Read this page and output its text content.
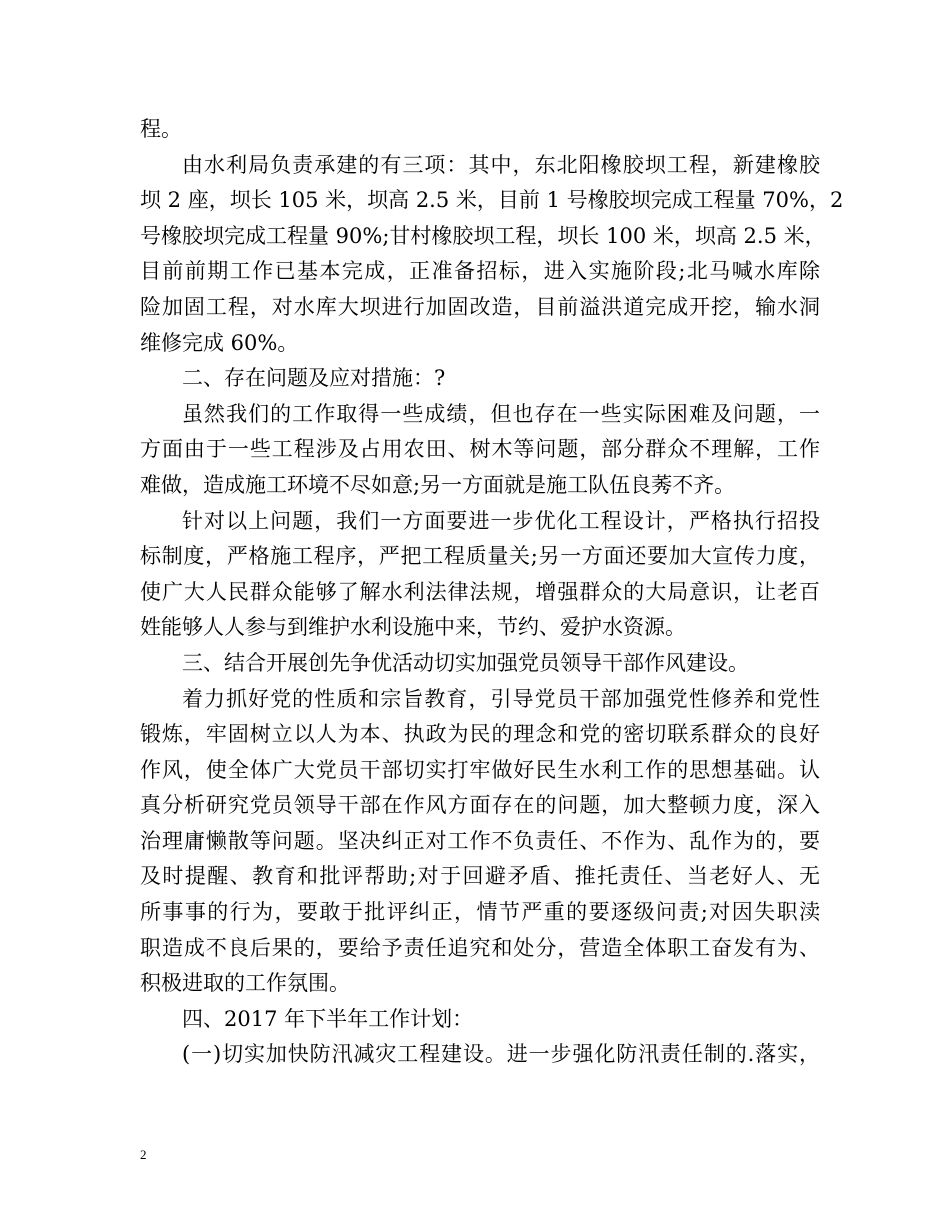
程。
由水利局负责承建的有三项：其中，东北阳橡胶坝工程，新建橡胶
坝 2 座，坝长 105 米，坝高 2.5 米，目前 1 号橡胶坝完成工程量 70%，2
号橡胶坝完成工程量 90%;甘村橡胶坝工程，坝长 100 米，坝高 2.5 米，
目前前期工作已基本完成，正准备招标，进入实施阶段;北马喊水库除
险加固工程，对水库大坝进行加固改造，目前溢洪道完成开挖，输水洞
维修完成 60%。
二、存在问题及应对措施：?
虽然我们的工作取得一些成绩，但也存在一些实际困难及问题，一
方面由于一些工程涉及占用农田、树木等问题，部分群众不理解，工作
难做，造成施工环境不尽如意;另一方面就是施工队伍良莠不齐。
针对以上问题，我们一方面要进一步优化工程设计，严格执行招投
标制度，严格施工程序，严把工程质量关;另一方面还要加大宣传力度，
使广大人民群众能够了解水利法律法规，增强群众的大局意识，让老百
姓能够人人参与到维护水利设施中来，节约、爱护水资源。
三、结合开展创先争优活动切实加强党员领导干部作风建设。
着力抓好党的性质和宗旨教育，引导党员干部加强党性修养和党性
锻炼，牢固树立以人为本、执政为民的理念和党的密切联系群众的良好
作风，使全体广大党员干部切实打牢做好民生水利工作的思想基础。认
真分析研究党员领导干部在作风方面存在的问题，加大整顿力度，深入
治理庸懒散等问题。坚决纠正对工作不负责任、不作为、乱作为的，要
及时提醒、教育和批评帮助;对于回避矛盾、推托责任、当老好人、无
所事事的行为，要敢于批评纠正，情节严重的要逐级问责;对因失职渎
职造成不良后果的，要给予责任追究和处分，营造全体职工奋发有为、
积极进取的工作氛围。
四、2017 年下半年工作计划：
(一)切实加快防汛减灾工程建设。进一步强化防汛责任制的.落实，
2
